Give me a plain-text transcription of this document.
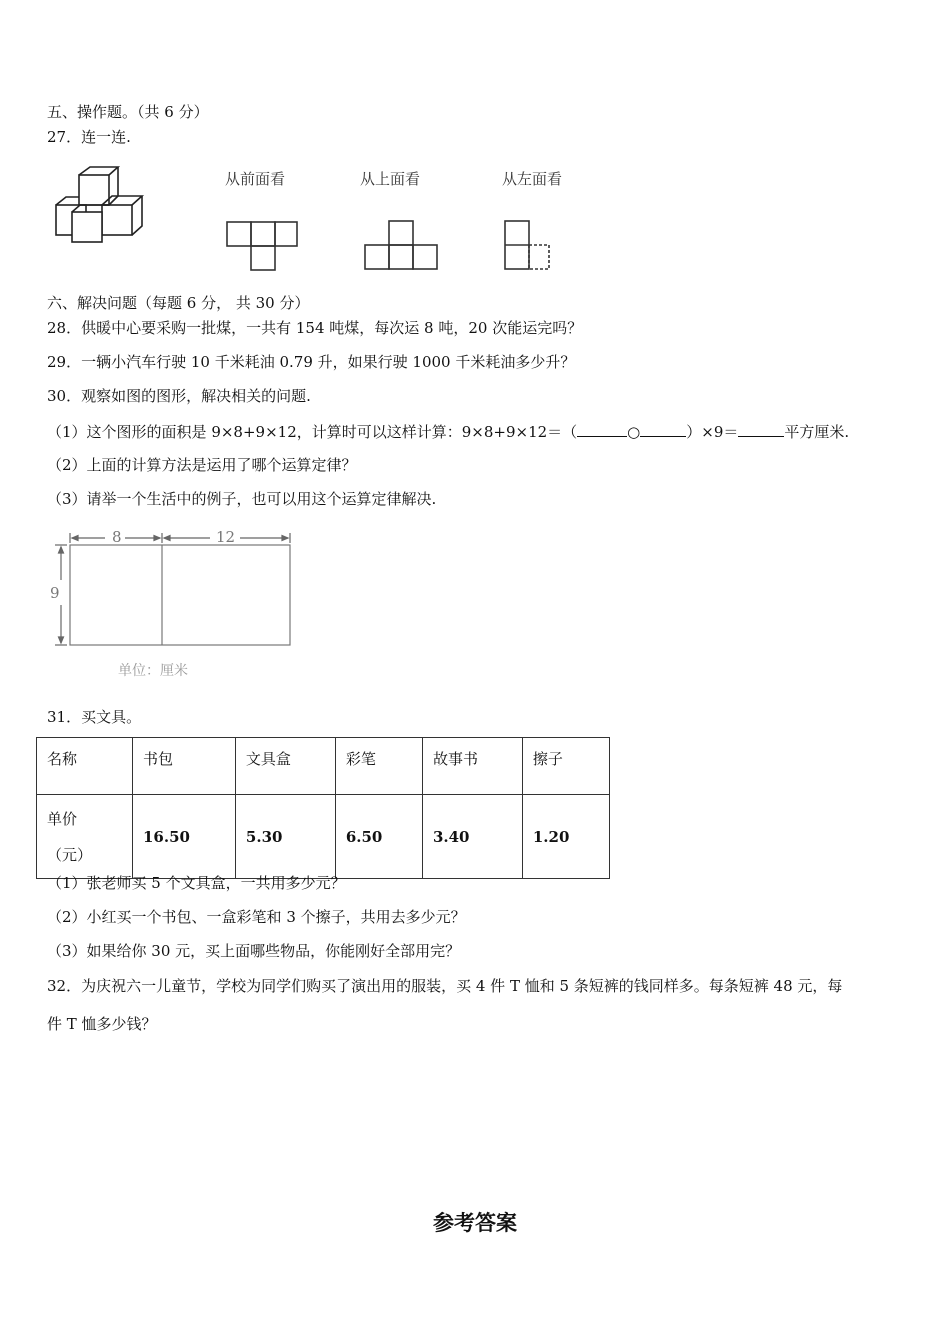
五、操作题。（共 6 分）
27．连一连.
从前面看	从上面看	从左面看
六、解决问题（每题 6 分， 共 30 分）
28．供暖中心要采购一批煤，一共有 154 吨煤，每次运 8 吨，20 次能运完吗？
29．一辆小汽车行驶 10 千米耗油 0.79 升，如果行驶 1000 千米耗油多少升？
30．观察如图的图形，解决相关的问题.
（1）这个图形的面积是 9×8+9×12，计算时可以这样计算：9×8+9×12＝（	○	）×9＝	平方厘米.
（2）上面的计算方法是运用了哪个运算定律？
（3）请举一个生活中的例子，也可以用这个运算定律解决.
8	12
9
单位：厘米
31．买文具。
名称	书包	文具盒	彩笔	故事书	擦子

单价
（元）	16.50	5.30	6.50	3.40	1.20
（1）张老师买 5 个文具盒，一共用多少元？
（2）小红买一个书包、一盒彩笔和 3 个擦子，共用去多少元？
（3）如果给你 30 元，买上面哪些物品，你能刚好全部用完？
32．为庆祝六一儿童节，学校为同学们购买了演出用的服装，买 4 件 T 恤和 5 条短裤的钱同样多。每条短裤 48 元，每
件 T 恤多少钱？
参考答案
